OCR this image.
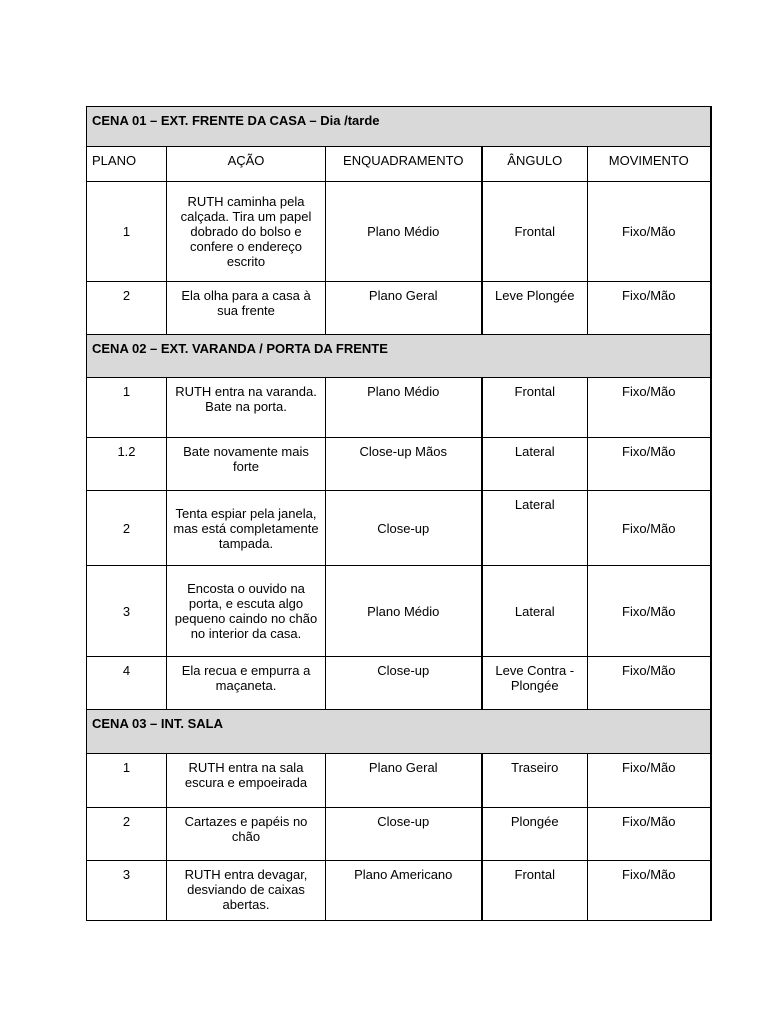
CENA 01 – EXT. FRENTE DA CASA – Dia /tarde				
PLANO	AÇÃO	ENQUADRAMENTO	ÂNGULO	MOVIMENTO
1	RUTH caminha pela calçada. Tira um papel dobrado do bolso e confere o endereço escrito	Plano Médio	Frontal	Fixo/Mão
2	Ela olha para a casa à sua frente	Plano Geral	Leve Plongée	Fixo/Mão
CENA 02 – EXT. VARANDA / PORTA DA FRENTE				
1	RUTH entra na varanda. Bate na porta.	Plano Médio	Frontal	Fixo/Mão
1.2	Bate novamente mais forte	Close-up Mãos	Lateral	Fixo/Mão
2	Tenta espiar pela janela, mas está completamente tampada.	Close-up	Lateral	Fixo/Mão
3	Encosta o ouvido na porta, e escuta algo pequeno caindo no chão no interior da casa.	Plano Médio	Lateral	Fixo/Mão
4	Ela recua e empurra a maçaneta.	Close-up	Leve Contra - Plongée	Fixo/Mão
CENA 03 – INT. SALA				
1	RUTH entra na sala escura e empoeirada	Plano Geral	Traseiro	Fixo/Mão
2	Cartazes e papéis no chão	Close-up	Plongée	Fixo/Mão
3	RUTH entra devagar, desviando de caixas abertas.	Plano Americano	Frontal	Fixo/Mão
